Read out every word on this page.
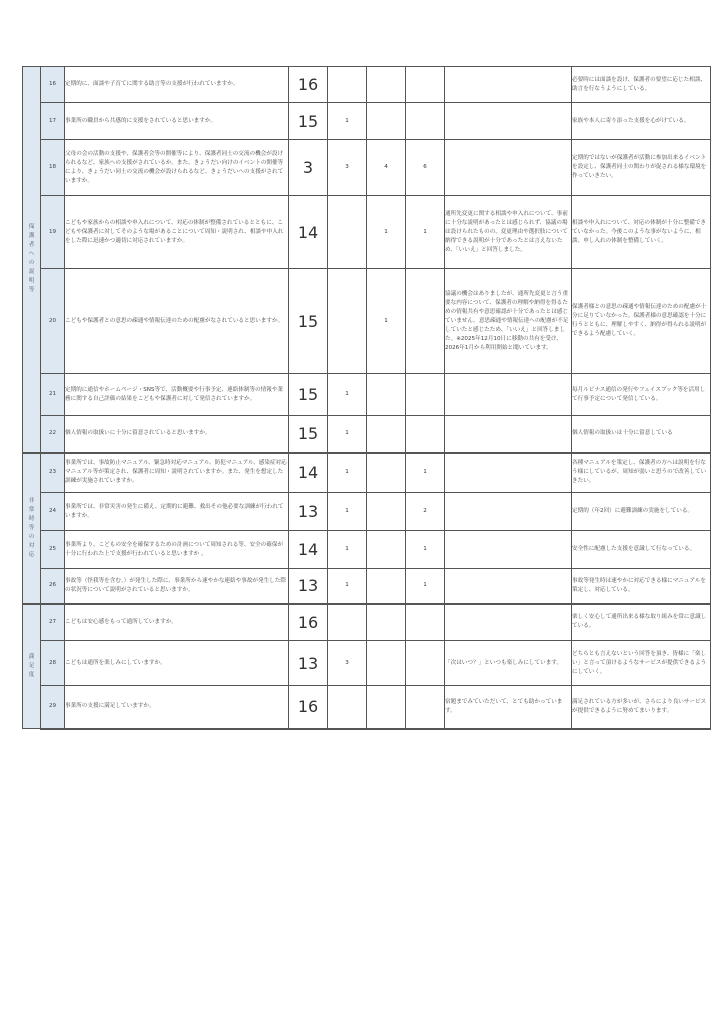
保護者への説明等	16	定期的に、面談や子育てに関する助言等の支援が行われていますか。	16					必要時には面談を設け、保護者の要望に応じた相談、助言を行なうようにしている。
	17	事業所の職員から共感的に支援をされていると思いますか。	15	1				家族や本人に寄り添った支援を心がけている。
	18	父母の会の活動の支援や、保護者会等の開催等により、保護者同士の交流の機会が設けられるなど、家族への支援がされているか。また、きょうだい向けのイベントの開催等により、きょうだい同士の交流の機会が設けられるなど、きょうだいへの支援がされていますか。	3	3	4	6		定期的ではないが保護者が活動に参加出来るイベントを設定し、保護者同士の関わりが促される様な環境を作っていきたい。
	19	こどもや家族からの相談や申入れについて、対応の体制が整備されているとともに、こどもや保護者に対してそのような場があることについて周知・説明され、相談や申入れをした際に迅速かつ適切に対応されていますか。	14		1	1	通所先変更に関する相談や申入れについて、事前に十分な説明があったとは感じられず、協議の場は設けられたものの、変更理由や選択肢について納得できる説明が十分であったとは言えないため、「いいえ」と回答しました。	相談や申入れについて、対応の体制が十分に整備できていなかった。今後このような事がないように、相談、申し入れの体制を整備していく。
	20	こどもや保護者との意思の疎通や情報伝達のための配慮がなされていると思いますか。	15		1		協議の機会はありましたが、通所先変更と言う重要な内容について、保護者の理解や納得を得るための情報共有や意思確認が十分であったとは感じていません。意思疎通や情報伝達への配慮が不足していたと感じたため、「いいえ」と回答しました。※2025年12月10日に移動の共有を受け、2026年1月から利用開始と聞いています。	保護者様との意思の疎通や情報伝達のための配慮が十分に足りていなかった。保護者様の意思確認を十分に行うとともに、理解しやすく、納得が得られる説明ができるよう配慮していく。
	21	定期的に通信やホームページ・SNS等で、活動概要や行事予定、連絡体制等の情報や業務に関する自己評価の結果をこどもや保護者に対して発信されていますか。	15	1				毎月ルビナス通信の発行やフェイスブック等を活用して行事予定について発信している。
	22	個人情報の取扱いに十分に留意されていると思いますか。	15	1				個人情報の取扱いは十分に留意している
非常時等の対応	23	事業所では、事故防止マニュアル、緊急時対応マニュアル、防犯マニュアル、感染症対応マニュアル等が策定され、保護者に周知・説明されていますか。また、発生を想定した訓練が実施されていますか。	14	1		1		各種マニュアルを策定し、保護者の方へは説明を行なう様にしているが、周知が弱いと思うので改善していきたい。
	24	事業所では、非常災害の発生に備え、定期的に避難、救出その他必要な訓練が行われていますか。	13	1		2		定期的（年2回）に避難訓練の実施をしている。
	25	事業所より、こどもの安全を確保するための計画について周知される等、安全の確保が十分に行われた上で支援が行われていると思いますか 。	14	1		1		安全性に配慮した支援を意識して行なっている。
	26	事故等（怪我等を含む。）が発生した際に、事業所から速やかな連絡や事故が発生した際の状況等について説明がされていると思いますか。	13	1		1		事故等発生時は速やかに対応できる様にマニュアルを策定し、対応している。
満足度	27	こどもは安心感をもって通所していますか。	16					楽しく安心して通所出来る様な取り組みを常に意識している。
	28	こどもは通所を楽しみにしていますか。	13	3			「次はいつ？」といつも楽しみにしています。	どちらとも言えないという回答を頂き、皆様に「楽しい」と言って頂けるようなサービスが提供できるようにしていく。
	29	事業所の支援に満足していますか。	16				宿題までみていただいて、とても助かっています。	満足されている方が多いが、さらにより良いサービスが提供できるように努めてまいります。
